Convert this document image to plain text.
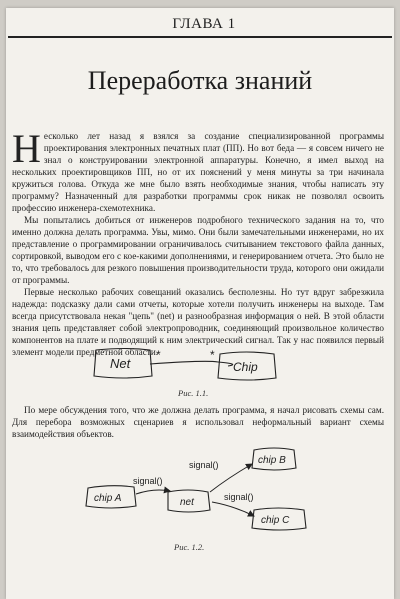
ГЛАВА 1
Переработка знаний

Несколько лет назад я взялся за создание специализированной программы проектирования электронных печатных плат (ПП). Но вот беда — я совсем ничего не знал о конструировании электронной аппаратуры. Конечно, я имел выход на нескольких проектировщиков ПП, но от их пояснений у меня минуты за три начинала кружиться голова. Откуда же мне было взять необходимые знания, чтобы написать эту программу? Назначенный для разработки программы срок никак не позволял освоить профессию инженера-схемотехника.

Мы попытались добиться от инженеров подробного технического задания на то, что именно должна делать программа. Увы, мимо. Они были замечательными инженерами, но их представление о программировании ограничивалось считыванием текстового файла данных, сортировкой, выводом его с кое-какими дополнениями, и генерированием отчета. Это было не то, что требовалось для резкого повышения производительности труда, которого они ожидали от программы.

Первые несколько рабочих совещаний оказались бесполезны. Но тут вдруг забрезжила надежда: подсказку дали сами отчеты, которые хотели получить инженеры на выходе. Там всегда присутствовала некая "цепь" (net) и разнообразная информация о ней. В этой области знания цепь представляет собой электропроводник, соединяющий произвольное количество компонентов на плате и подводящий к ним электрический сигнал. Так у нас появился первый элемент модели предметной области.

Net
*	*
Chip
Рис. 1.1.

По мере обсуждения того, что же должна делать программа, я начал рисовать схемы сам. Для перебора возможных сценариев я использовал неформальный вариант схемы взаимодействия объектов.

chip A
signal()
net
signal()	chip B
signal()
chip C
Рис. 1.2.
